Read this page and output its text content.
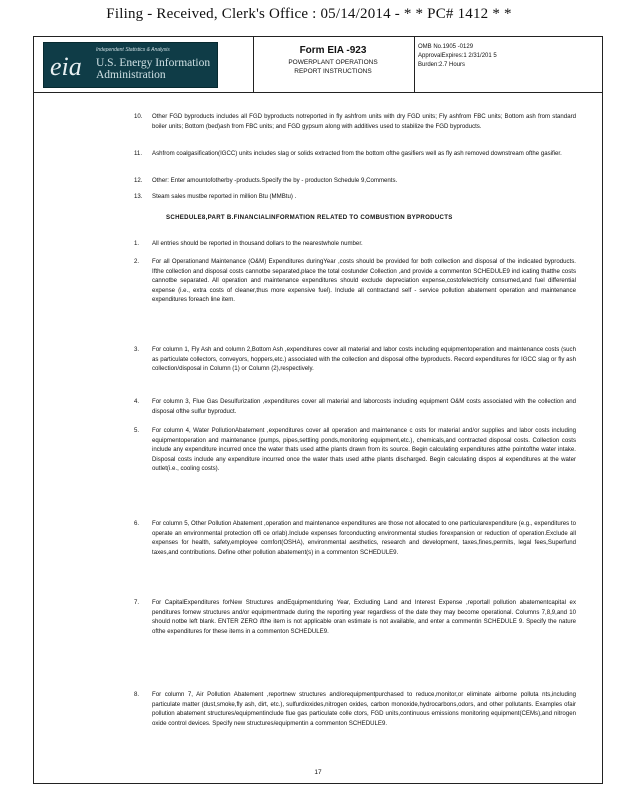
Filing - Received, Clerk's Office : 05/14/2014 - * * PC# 1412 * *
eia
Independent Statistics & Analysis
U.S. Energy Information
Administration
Form EIA -923
POWERPLANT OPERATIONS
REPORT INSTRUCTIONS
OMB No.1905 -0129
ApprovalExpires:1 2/31/201 5
Burden:2.7 Hours
10. Other FGD byproducts includes all FGD byproducts notreported in fly ashfrom units with dry FGD units; Fly ashfrom FBC units; Bottom ash from standard boiler units; Bottom (bed)ash from FBC units; and FGD gypsum along with additives used to stabilize the FGD byproducts.
11. Ashfrom coalgasification(IGCC) units includes slag or solids extracted from the bottom ofthe gasifiers well as fly ash removed downstream ofthe gasifier.
12. Other: Enter amountofotherby -products.Specify the by - producton Schedule 9,Comments.
13. Steam sales mustbe reported in million Btu (MMBtu) .
SCHEDULE8,PART B.FINANCIALINFORMATION RELATED TO COMBUSTION BYPRODUCTS
1. All entries should be reported in thousand dollars to the nearestwhole number.
2. For all Operationand Maintenance (O&M) Expenditures duringYear ,costs should be provided for both collection and disposal of the indicated byproducts. Ifthe collection and disposal costs cannotbe separated,place the total costunder Collection ,and provide a commenton SCHEDULE9 ind icating thatthe costs cannotbe separated. All operation and maintenance expenditures should exclude depreciation expense,costofelectricity consumed,and fuel differential expense (i.e., extra costs of cleaner,thus more expensive fuel). Include all contractand self - service pollution abatement operation and maintenance expenditures foreach line item.
3. For column 1, Fly Ash and column 2,Bottom Ash ,expenditures cover all material and labor costs including equipmentoperation and maintenance costs (such as particulate collectors, conveyors, hoppers,etc.) associated with the collection and disposal ofthe byproducts. Record expenditures for IGCC slag or fly ash collection/disposal in Column (1) or Column (2),respectively.
4. For column 3, Flue Gas Desulfurization ,expenditures cover all material and laborcosts including equipment O&M costs associated with the collection and disposal ofthe sulfur byproduct.
5. For column 4, Water PollutionAbatement ,expenditures cover all operation and maintenance c osts for material and/or supplies and labor costs including equipmentoperation and maintenance (pumps, pipes,settling ponds,monitoring equipment,etc.), chemicals,and contracted disposal costs. Collection costs include any expenditure incurred once the water thats used atthe plants drawn from its source. Begin calculating expenditures atthe pointofthe water intake. Disposal costs include any expenditure incurred once the water thats used atthe plants discharged. Begin calculating dispos al expenditures at the water outlet(i.e., cooling costs).
6. For column 5, Other Pollution Abatement ,operation and maintenance expenditures are those not allocated to one particularexpenditure (e.g., expenditures to operate an environmental protection offi ce orlab).Include expenses forconducting environmental studies forexpansion or reduction of operation.Exclude all expenses for health, safety,employee comfort(OSHA), environmental aesthetics, research and development, taxes,fines,permits, legal fees,Superfund taxes,and contributions. Define other pollution abatement(s) in a commenton SCHEDULE9.
7. For CapitalExpenditures forNew Structures andEquipmentduring Year, Excluding Land and Interest Expense ,reportall pollution abatementcapital ex penditures fornew structures and/or equipmentmade during the reporting year regardless of the date they may become operational. Columns 7,8,9,and 10 should notbe left blank. ENTER ZERO ifthe item is not applicable oran estimate is not available, and enter a commentin SCHEDULE 9. Specify the nature ofthe expenditures for these items in a commenton SCHEDULE9.
8. For column 7, Air Pollution Abatement ,reportnew structures and/orequipmentpurchased to reduce,monitor,or eliminate airborne polluta nts,including particulate matter (dust,smoke,fly ash, dirt, etc.), sulfurdioxides,nitrogen oxides, carbon monoxide,hydrocarbons,odors, and other pollutants. Examples ofair pollution abatement structures/equipmentinclude flue gas particulate colle ctors, FGD units,continuous emissions monitoring equipment(CEMs),and nitrogen oxide control devices. Specify new structures/equipmentin a commenton SCHEDULE9.
17
